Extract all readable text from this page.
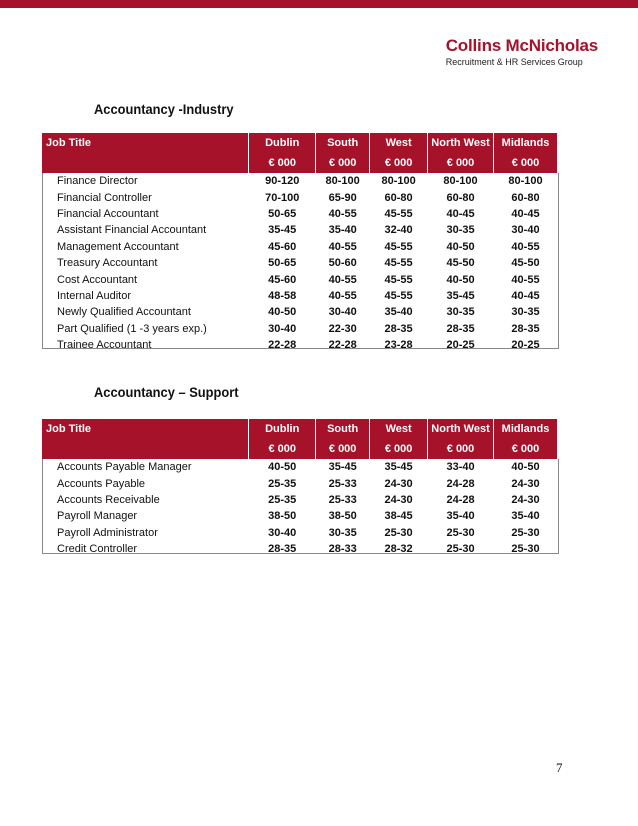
Collins McNicholas
Recruitment & HR Services Group
Accountancy -Industry
Job Title	Dublin	South	West	North West	Midlands
	€ 000	€ 000	€ 000	€ 000	€ 000
Finance Director	90-120	80-100	80-100	80-100	80-100
Financial Controller	70-100	65-90	60-80	60-80	60-80
Financial Accountant	50-65	40-55	45-55	40-45	40-45
Assistant Financial Accountant	35-45	35-40	32-40	30-35	30-40
Management Accountant	45-60	40-55	45-55	40-50	40-55
Treasury Accountant	50-65	50-60	45-55	45-50	45-50
Cost Accountant	45-60	40-55	45-55	40-50	40-55
Internal Auditor	48-58	40-55	45-55	35-45	40-45
Newly Qualified Accountant	40-50	30-40	35-40	30-35	30-35
Part Qualified (1 -3 years exp.)	30-40	22-30	28-35	28-35	28-35
Trainee Accountant	22-28	22-28	23-28	20-25	20-25
Accountancy – Support
Job Title	Dublin	South	West	North West	Midlands
	€ 000	€ 000	€ 000	€ 000	€ 000
Accounts Payable Manager	40-50	35-45	35-45	33-40	40-50
Accounts Payable	25-35	25-33	24-30	24-28	24-30
Accounts Receivable	25-35	25-33	24-30	24-28	24-30
Payroll Manager	38-50	38-50	38-45	35-40	35-40
Payroll Administrator	30-40	30-35	25-30	25-30	25-30
Credit Controller	28-35	28-33	28-32	25-30	25-30
7
